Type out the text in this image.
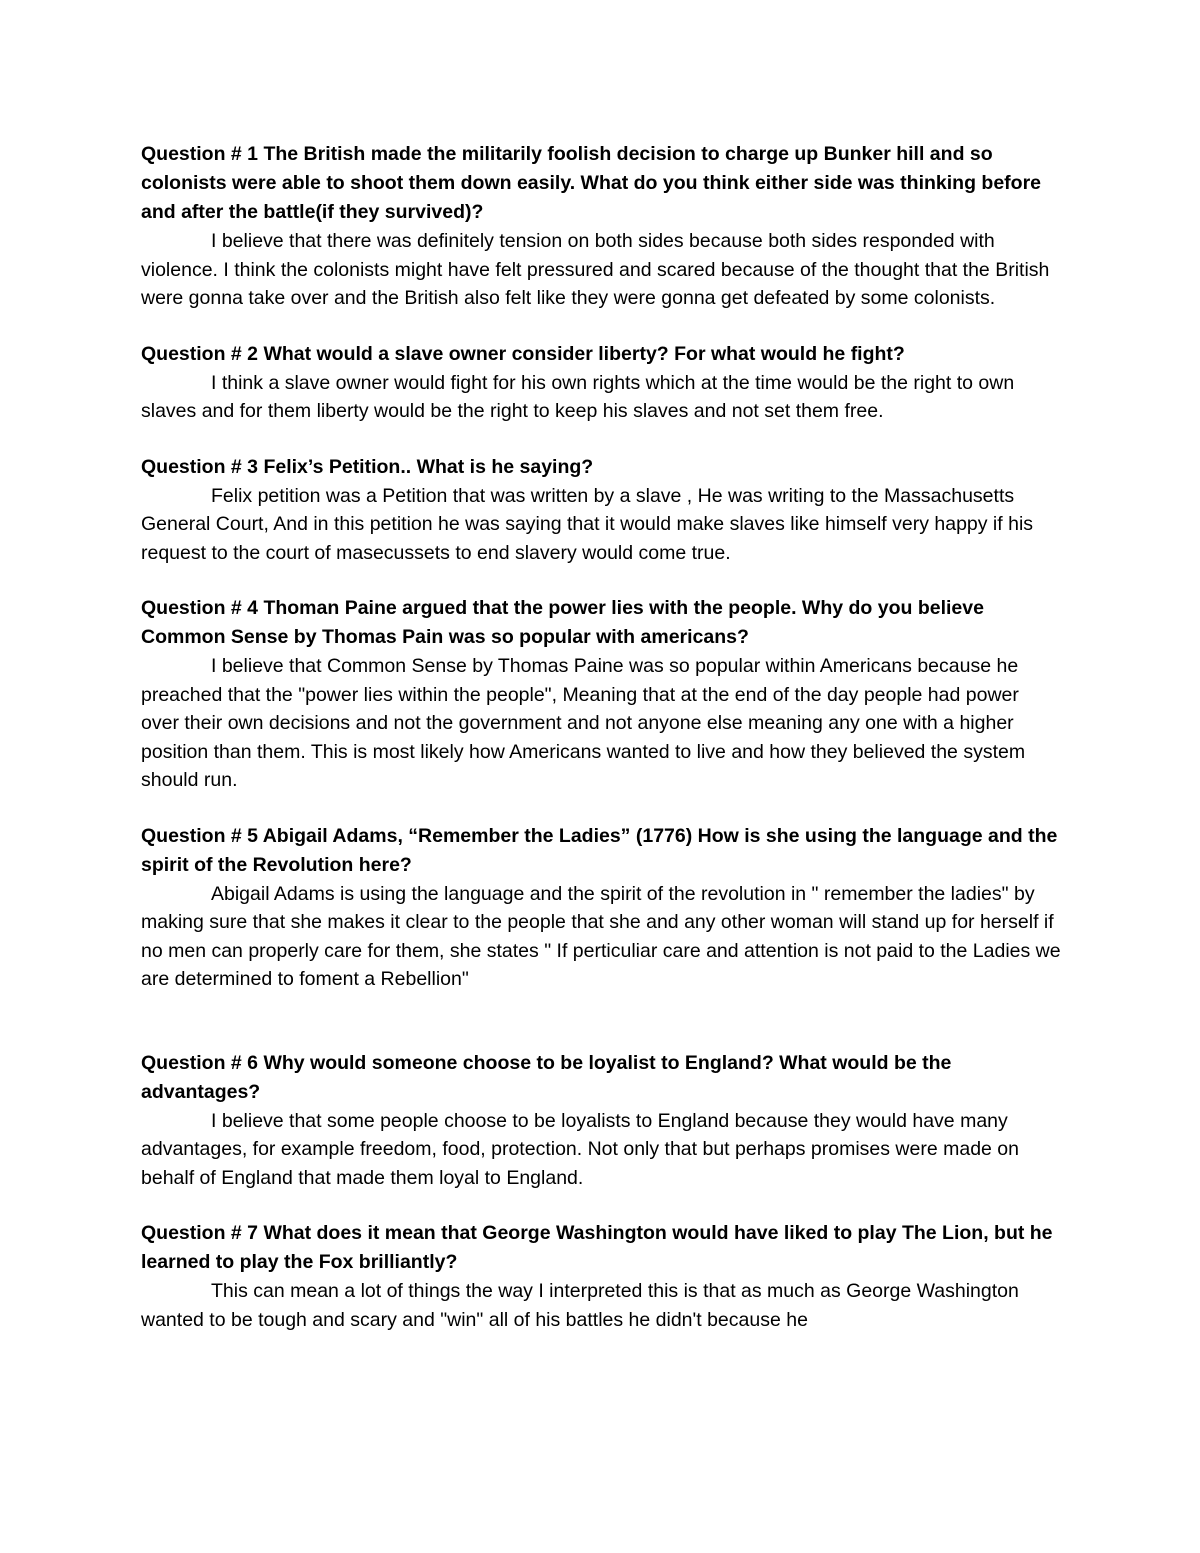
Question # 1 The British made the militarily foolish decision to charge up Bunker hill and so colonists were able to shoot them down easily. What do you think either side was thinking before and after the battle(if they survived)?

I believe that there was definitely tension on both sides because both sides responded with violence. I think the colonists might have felt pressured and scared because of the thought that the British were gonna take over and the British also felt like they were gonna get defeated by some colonists.

Question # 2 What would a slave owner consider liberty? For what would he fight?

I think a slave owner would fight for his own rights which at the time would be the right to own slaves and for them liberty would be the right to keep his slaves and not set them free.

Question # 3 Felix’s Petition.. What is he saying?

Felix petition was a Petition that was written by a slave , He was writing to the Massachusetts General Court, And in this petition he was saying that it would make slaves like himself very happy if his request to the court of masecussets to end slavery would come true.

Question # 4 Thoman Paine argued that the power lies with the people. Why do you believe Common Sense by Thomas Pain was so popular with americans?

I believe that Common Sense by Thomas Paine was so popular within Americans because he preached that the "power lies within the people", Meaning that at the end of the day people had power over their own decisions and not the government and not anyone else meaning any one with a higher position than them. This is most likely how Americans wanted to live and how they believed the system should run.

Question # 5 Abigail Adams, “Remember the Ladies” (1776) How is she using the language and the spirit of the Revolution here?

Abigail Adams is using the language and the spirit of the revolution in " remember the ladies" by making sure that she makes it clear to the people that she and any other woman will stand up for herself if no men can properly care for them, she states " If perticuliar care and attention is not paid to the Ladies we are determined to foment a Rebellion"

Question # 6 Why would someone choose to be loyalist to England? What would be the advantages?

I believe that some people choose to be loyalists to England because they would have many advantages, for example freedom, food, protection. Not only that but perhaps promises were made on behalf of England that made them loyal to England.

Question # 7 What does it mean that George Washington would have liked to play The Lion, but he learned to play the Fox brilliantly?

This can mean a lot of things the way I interpreted this is that as much as George Washington wanted to be tough and scary and "win" all of his battles he didn't because he
